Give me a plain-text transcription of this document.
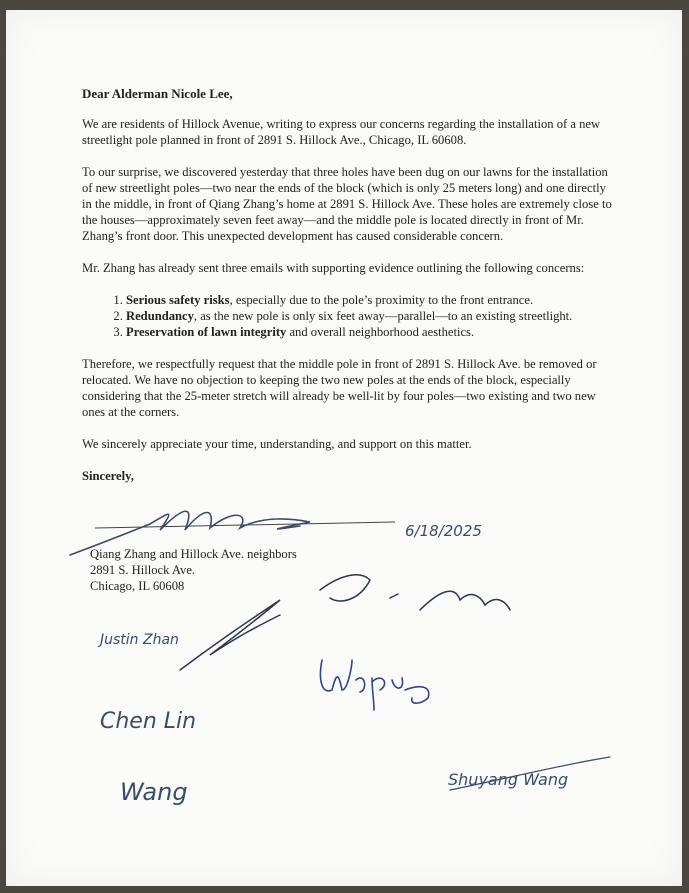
Dear Alderman Nicole Lee,

We are residents of Hillock Avenue, writing to express our concerns regarding the installation of a new streetlight pole planned in front of 2891 S. Hillock Ave., Chicago, IL 60608.

To our surprise, we discovered yesterday that three holes have been dug on our lawns for the installation of new streetlight poles—two near the ends of the block (which is only 25 meters long) and one directly in the middle, in front of Qiang Zhang’s home at 2891 S. Hillock Ave. These holes are extremely close to the houses—approximately seven feet away—and the middle pole is located directly in front of Mr. Zhang’s front door. This unexpected development has caused considerable concern.

Mr. Zhang has already sent three emails with supporting evidence outlining the following concerns:

1. Serious safety risks, especially due to the pole’s proximity to the front entrance.
2. Redundancy, as the new pole is only six feet away—parallel—to an existing streetlight.
3. Preservation of lawn integrity and overall neighborhood aesthetics.

Therefore, we respectfully request that the middle pole in front of 2891 S. Hillock Ave. be removed or relocated. We have no objection to keeping the two new poles at the ends of the block, especially considering that the 25-meter stretch will already be well-lit by four poles—two existing and two new ones at the corners.

We sincerely appreciate your time, understanding, and support on this matter.

Sincerely,

Qiang Zhang and Hillock Ave. neighbors
2891 S. Hillock Ave.
Chicago, IL 60608
6/18/2025
Justin Zhan
Chen Lin
Wang	Shuyang Wang
